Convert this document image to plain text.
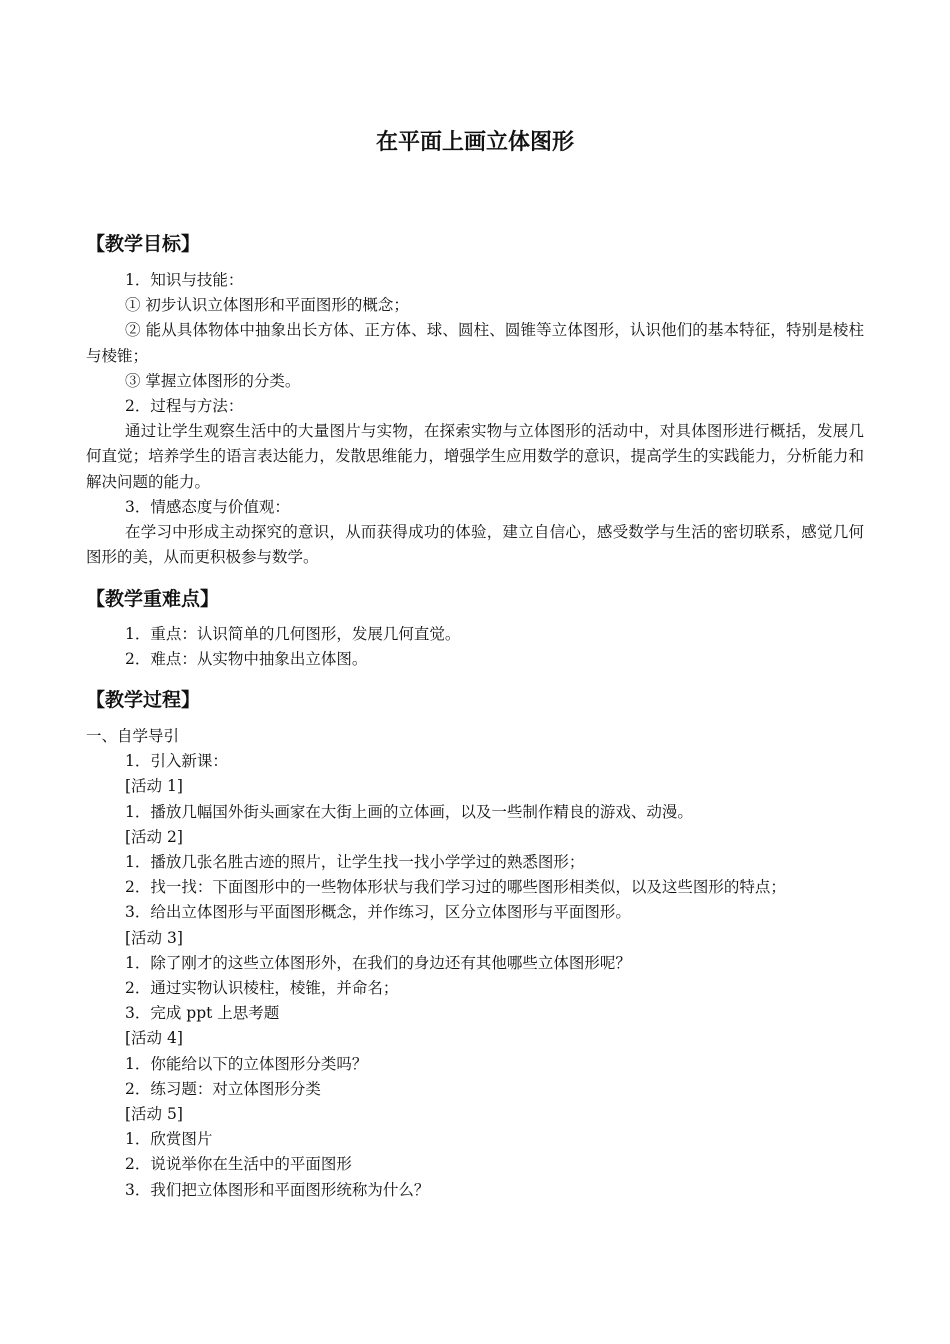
在平面上画立体图形
【教学目标】

1．知识与技能：

① 初步认识立体图形和平面图形的概念；

② 能从具体物体中抽象出长方体、正方体、球、圆柱、圆锥等立体图形，认识他们的基本特征，特别是棱柱与棱锥；

③ 掌握立体图形的分类。

2．过程与方法：

通过让学生观察生活中的大量图片与实物，在探索实物与立体图形的活动中，对具体图形进行概括，发展几何直觉；培养学生的语言表达能力，发散思维能力，增强学生应用数学的意识，提高学生的实践能力，分析能力和解决问题的能力。

3．情感态度与价值观：

在学习中形成主动探究的意识，从而获得成功的体验，建立自信心，感受数学与生活的密切联系，感觉几何图形的美，从而更积极参与数学。

【教学重难点】

1．重点：认识简单的几何图形，发展几何直觉。

2．难点：从实物中抽象出立体图。

【教学过程】

一、自学导引

1．引入新课：

[活动 1]

1．播放几幅国外街头画家在大街上画的立体画，以及一些制作精良的游戏、动漫。

[活动 2]

1．播放几张名胜古迹的照片，让学生找一找小学学过的熟悉图形；

2．找一找：下面图形中的一些物体形状与我们学习过的哪些图形相类似，以及这些图形的特点；

3．给出立体图形与平面图形概念，并作练习，区分立体图形与平面图形。

[活动 3]

1．除了刚才的这些立体图形外，在我们的身边还有其他哪些立体图形呢？

2．通过实物认识棱柱，棱锥，并命名；

3．完成 ppt 上思考题

[活动 4]

1．你能给以下的立体图形分类吗？

2．练习题：对立体图形分类

[活动 5]

1．欣赏图片

2．说说举你在生活中的平面图形

3．我们把立体图形和平面图形统称为什么？
